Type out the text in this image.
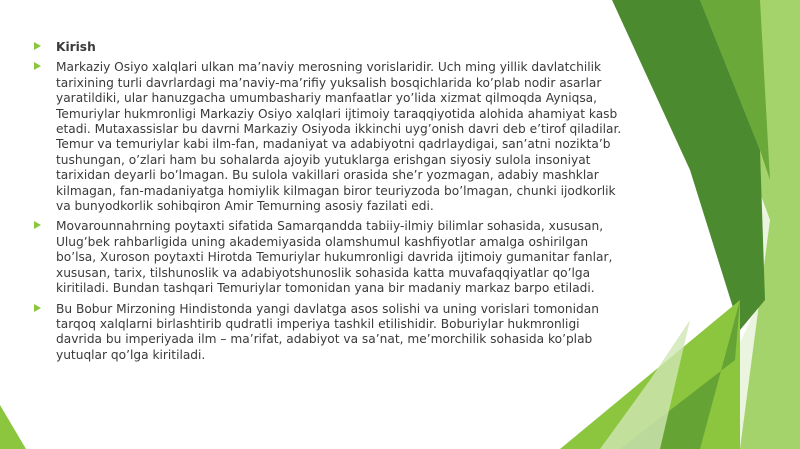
Kirish
Markaziy Osiyo xalqlari ulkan ma’naviy merosning vorislaridir. Uch ming yillik davlatchilik tarixining turli davrlardagi ma’naviy-ma’rifiy yuksalish bosqichlarida ko’plab nodir asarlar yaratildiki, ular hanuzgacha umumbashariy manfaatlar yo’lida xizmat qilmoqda Ayniqsa, Temuriylar hukmronligi Markaziy Osiyo xalqlari ijtimoiy taraqqiyotida alohida ahamiyat kasb etadi. Mutaxassislar bu davrni Markaziy Osiyoda ikkinchi uyg’onish davri deb e’tirof qiladilar. Temur va temuriylar kabi ilm-fan, madaniyat va adabiyotni qadrlaydigai, san’atni nozikta’b tushungan, o’zlari ham bu sohalarda ajoyib yutuklarga erishgan siyosiy sulola insoniyat tarixidan deyarli bo’lmagan. Bu sulola vakillari orasida she’r yozmagan, adabiy mashklar kilmagan, fan-madaniyatga homiylik kilmagan biror teuriyzoda bo’lmagan, chunki ijodkorlik va bunyodkorlik sohibqiron Amir Temurning asosiy fazilati edi.
Movarounnahrning poytaxti sifatida Samarqandda tabiiy-ilmiy bilimlar sohasida, xususan, Ulug’bek rahbarligida uning akademiyasida olamshumul kashfiyotlar amalga oshirilgan bo’lsa, Xuroson poytaxti Hirotda Temuriylar hukumronligi davrida ijtimoiy gumanitar fanlar, xususan, tarix, tilshunoslik va adabiyotshunoslik sohasida katta muvafaqqiyatlar qo’lga kiritiladi. Bundan tashqari Temuriylar tomonidan yana bir madaniy markaz barpo etiladi.
Bu Bobur Mirzoning Hindistonda yangi davlatga asos solishi va uning vorislari tomonidan tarqoq xalqlarni birlashtirib qudratli imperiya tashkil etilishidir. Boburiylar hukmronligi davrida bu imperiyada ilm – ma’rifat, adabiyot va sa’nat, me’morchilik sohasida ko’plab yutuqlar qo’lga kiritiladi.
